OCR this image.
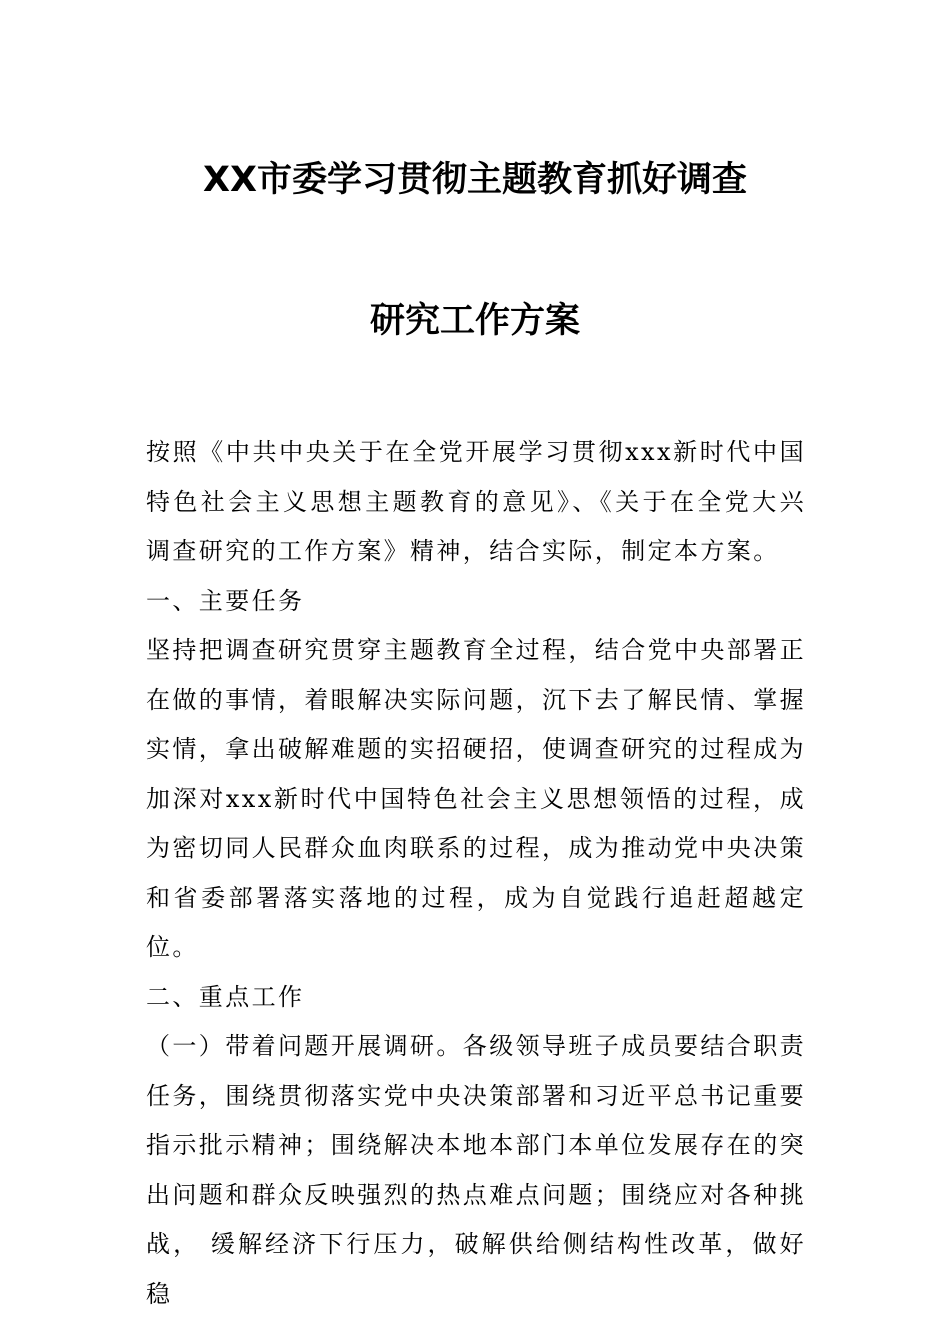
XX市委学习贯彻主题教育抓好调查
研究工作方案

按照《中共中央关于在全党开展学习贯彻xxx新时代中国特色社会主义思想主题教育的意见》、《关于在全党大兴调查研究的工作方案》精神，结合实际，制定本方案。

一、主要任务

坚持把调查研究贯穿主题教育全过程，结合党中央部署正在做的事情，着眼解决实际问题，沉下去了解民情、掌握实情，拿出破解难题的实招硬招，使调查研究的过程成为加深对xxx新时代中国特色社会主义思想领悟的过程，成为密切同人民群众血肉联系的过程，成为推动党中央决策和省委部署落实落地的过程，成为自觉践行追赶超越定位。

二、重点工作

（一）带着问题开展调研。各级领导班子成员要结合职责任务，围绕贯彻落实党中央决策部署和习近平总书记重要指示批示精神；围绕解决本地本部门本单位发展存在的突出问题和群众反映强烈的热点难点问题；围绕应对各种挑战， 缓解经济下行压力，破解供给侧结构性改革，做好稳
